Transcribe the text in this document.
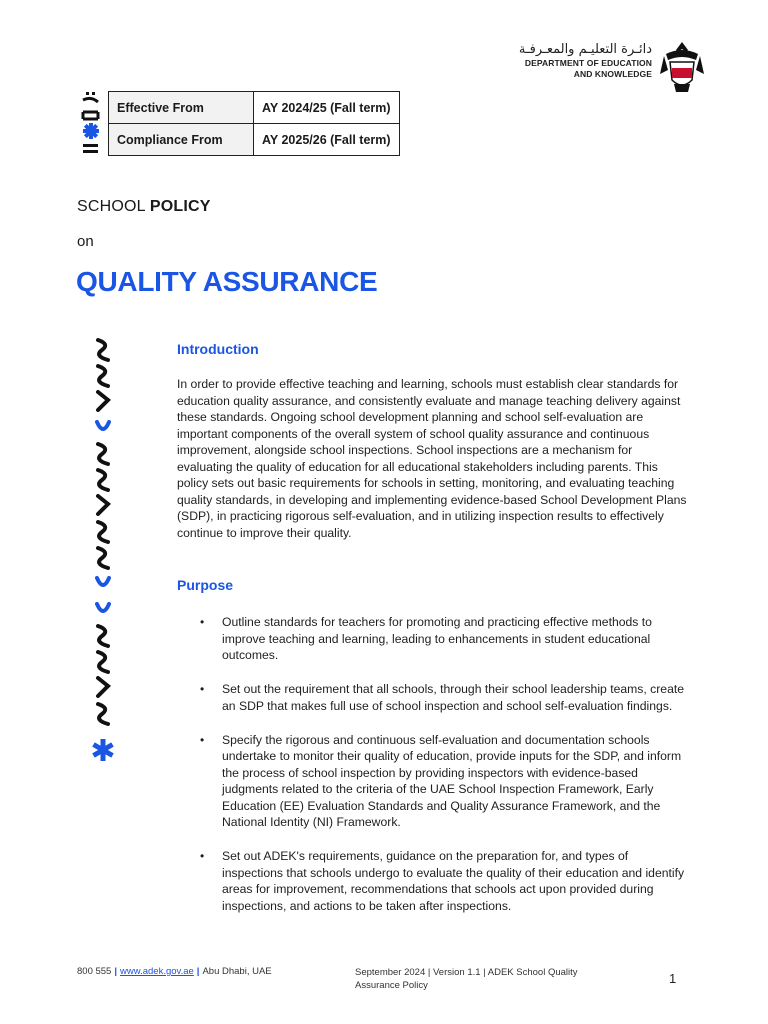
دائـرة التعليـم والمعـرفـة
DEPARTMENT OF EDUCATION
AND KNOWLEDGE
Effective From	AY 2024/25 (Fall term)
Compliance From	AY 2025/26 (Fall term)
SCHOOL POLICY
on
QUALITY ASSURANCE
Introduction
In order to provide effective teaching and learning, schools must establish clear standards for education quality assurance, and consistently evaluate and manage teaching delivery against these standards. Ongoing school development planning and school self-evaluation are important components of the overall system of school quality assurance and continuous improvement, alongside school inspections. School inspections are a mechanism for evaluating the quality of education for all educational stakeholders including parents. This policy sets out basic requirements for schools in setting, monitoring, and evaluating teaching quality standards, in developing and implementing evidence-based School Development Plans (SDP), in practicing rigorous self-evaluation, and in utilizing inspection results to effectively continue to improve their quality.
Purpose
• Outline standards for teachers for promoting and practicing effective methods to improve teaching and learning, leading to enhancements in student educational outcomes.
• Set out the requirement that all schools, through their school leadership teams, create an SDP that makes full use of school inspection and school self-evaluation findings.
• Specify the rigorous and continuous self-evaluation and documentation schools undertake to monitor their quality of education, provide inputs for the SDP, and inform the process of school inspection by providing inspectors with evidence-based judgments related to the criteria of the UAE School Inspection Framework, Early Education (EE) Evaluation Standards and Quality Assurance Framework, and the National Identity (NI) Framework.
• Set out ADEK's requirements, guidance on the preparation for, and types of inspections that schools undergo to evaluate the quality of their education and identify areas for improvement, recommendations that schools act upon provided during inspections, and actions to be taken after inspections.
800 555 | www.adek.gov.ae | Abu Dhabi, UAE	September 2024 | Version 1.1 | ADEK School Quality Assurance Policy	1
